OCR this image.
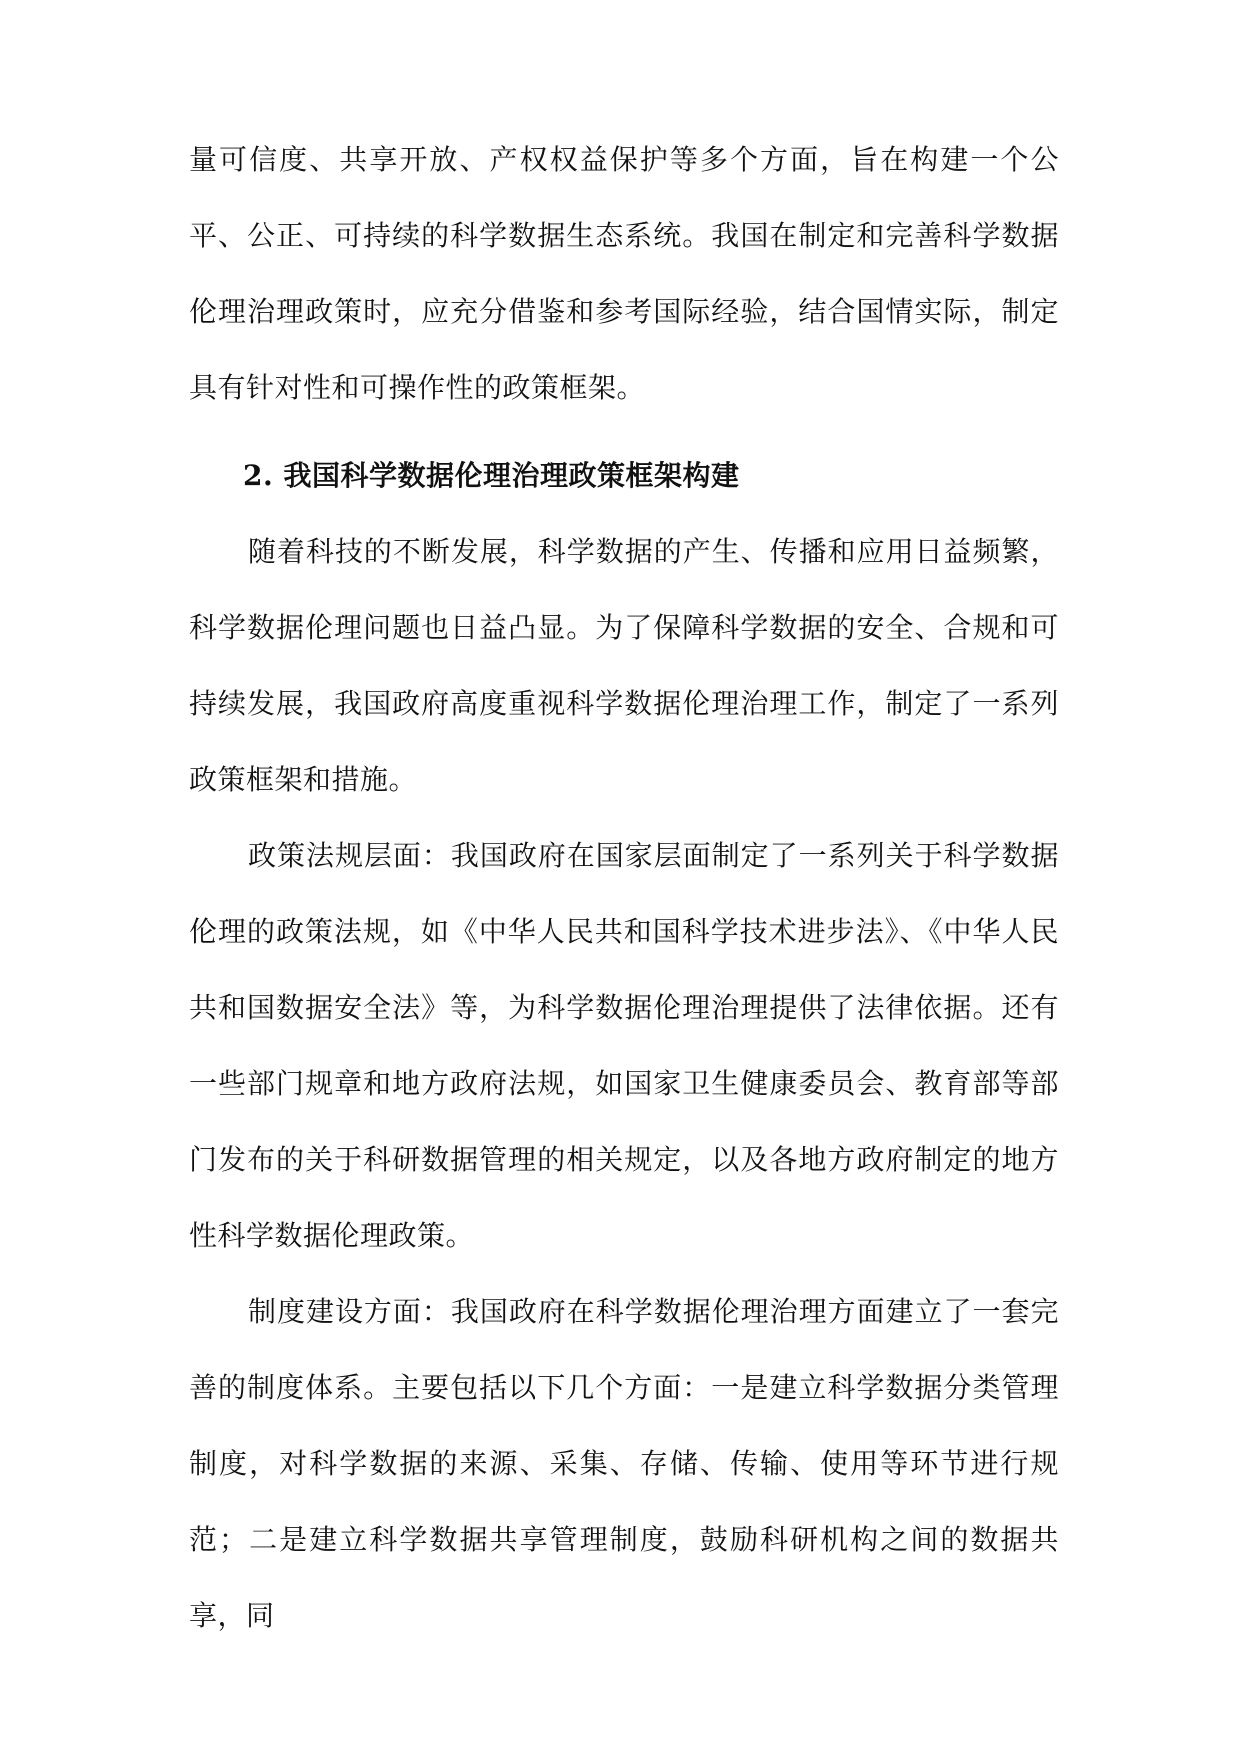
量可信度、共享开放、产权权益保护等多个方面，旨在构建一个公平、公正、可持续的科学数据生态系统。我国在制定和完善科学数据伦理治理政策时，应充分借鉴和参考国际经验，结合国情实际，制定具有针对性和可操作性的政策框架。

2. 我国科学数据伦理治理政策框架构建

随着科技的不断发展，科学数据的产生、传播和应用日益频繁，科学数据伦理问题也日益凸显。为了保障科学数据的安全、合规和可持续发展，我国政府高度重视科学数据伦理治理工作，制定了一系列政策框架和措施。

政策法规层面：我国政府在国家层面制定了一系列关于科学数据伦理的政策法规，如《中华人民共和国科学技术进步法》、《中华人民共和国数据安全法》等，为科学数据伦理治理提供了法律依据。还有一些部门规章和地方政府法规，如国家卫生健康委员会、教育部等部门发布的关于科研数据管理的相关规定，以及各地方政府制定的地方性科学数据伦理政策。

制度建设方面：我国政府在科学数据伦理治理方面建立了一套完善的制度体系。主要包括以下几个方面：一是建立科学数据分类管理制度，对科学数据的来源、采集、存储、传输、使用等环节进行规范；二是建立科学数据共享管理制度，鼓励科研机构之间的数据共享，同
